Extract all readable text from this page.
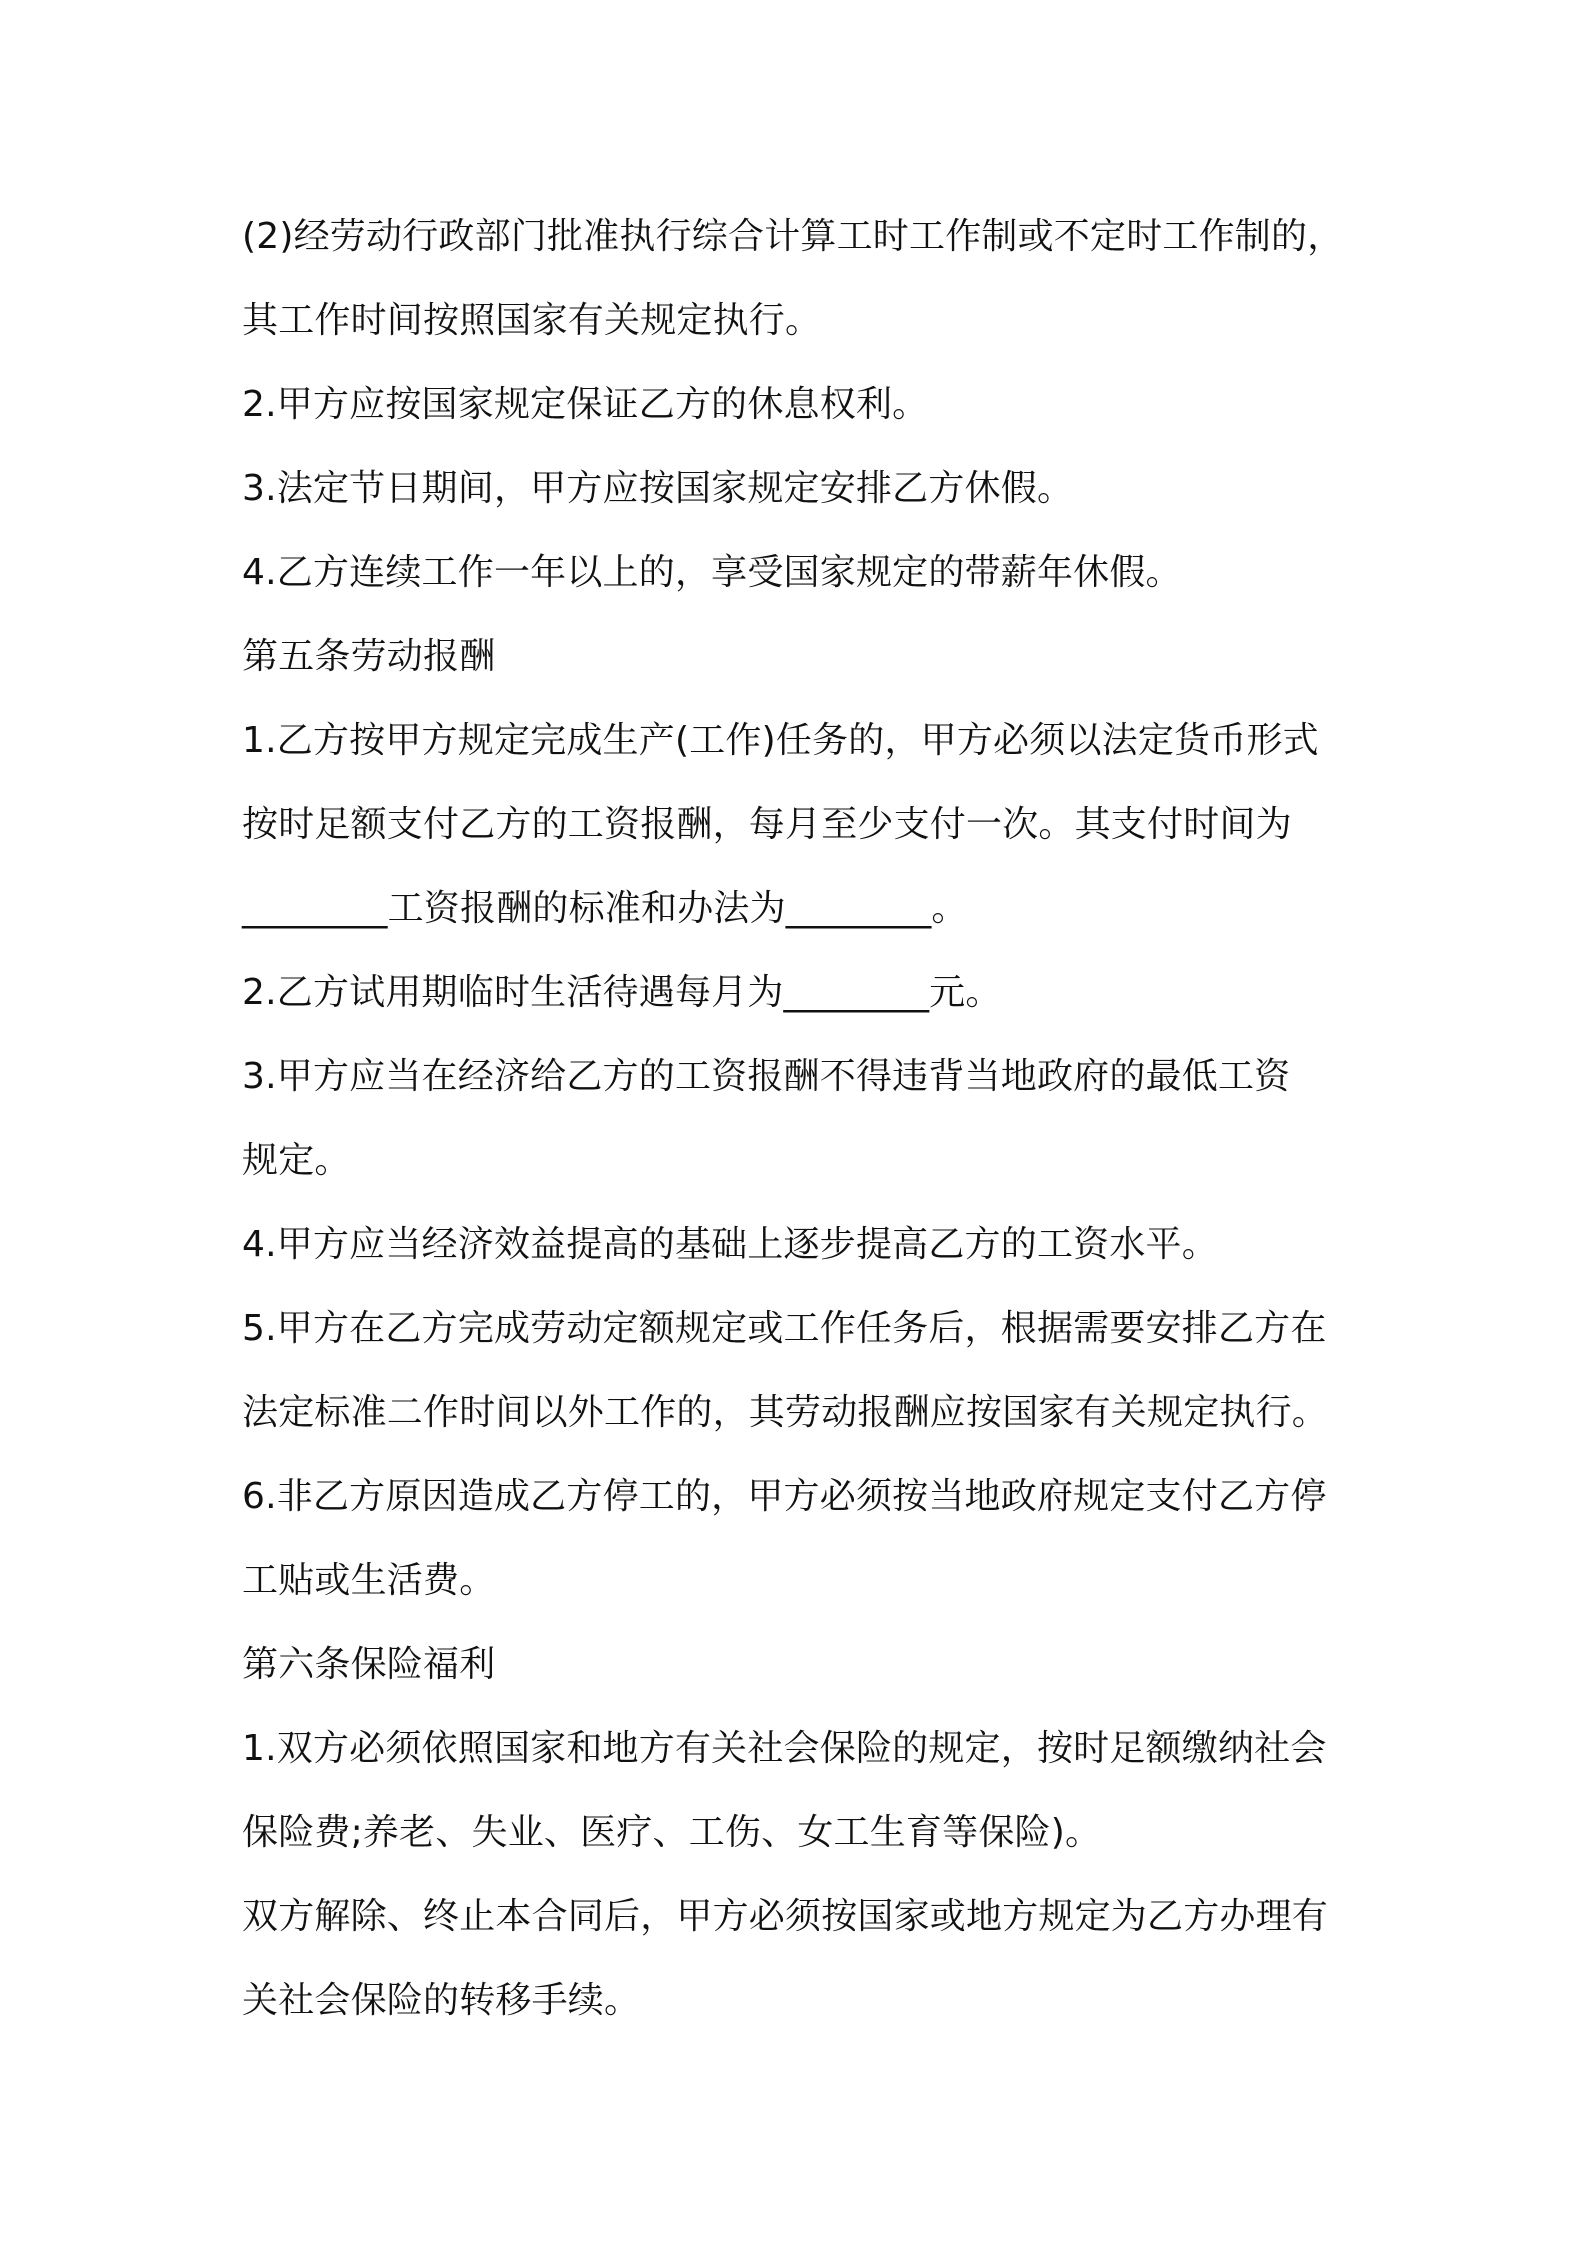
(2)经劳动行政部门批准执行综合计算工时工作制或不定时工作制的，
其工作时间按照国家有关规定执行。
2.甲方应按国家规定保证乙方的休息权利。
3.法定节日期间，甲方应按国家规定安排乙方休假。
4.乙方连续工作一年以上的，享受国家规定的带薪年休假。
第五条劳动报酬
1.乙方按甲方规定完成生产(工作)任务的，甲方必须以法定货币形式
按时足额支付乙方的工资报酬，每月至少支付一次。其支付时间为
________工资报酬的标准和办法为________。
2.乙方试用期临时生活待遇每月为________元。
3.甲方应当在经济给乙方的工资报酬不得违背当地政府的最低工资
规定。
4.甲方应当经济效益提高的基础上逐步提高乙方的工资水平。
5.甲方在乙方完成劳动定额规定或工作任务后，根据需要安排乙方在
法定标准二作时间以外工作的，其劳动报酬应按国家有关规定执行。
6.非乙方原因造成乙方停工的，甲方必须按当地政府规定支付乙方停
工贴或生活费。
第六条保险福利
1.双方必须依照国家和地方有关社会保险的规定，按时足额缴纳社会
保险费;养老、失业、医疗、工伤、女工生育等保险)。
双方解除、终止本合同后，甲方必须按国家或地方规定为乙方办理有
关社会保险的转移手续。
